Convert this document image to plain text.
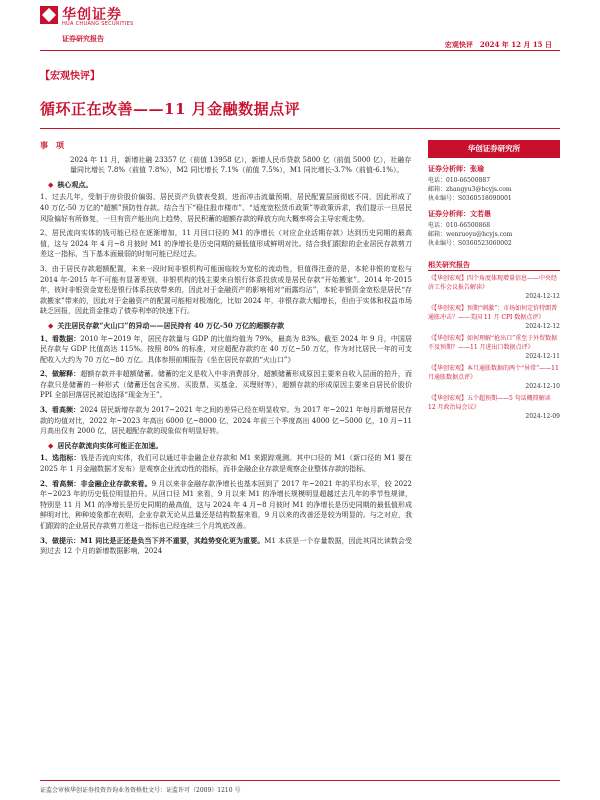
华创证券
HUA CHUANG SECURITIES
证券研究报告
宏观快评　2024 年 12 月 15 日
【宏观快评】
循环正在改善——11 月金融数据点评
事　项
2024 年 11 月，新增社融 23357 亿（前值 13958 亿），新增人民币贷款 5800 亿（前值 5000 亿），社融存量同比增长 7.8%（前值 7.8%），M2 同比增长 7.1%（前值 7.5%），M1 同比增长-3.7%（前值-6.1%）。
◆ 核心观点。
1、过去几年，受制于房价股价偏弱、居民资产负债表受损，进而冲击流量预期，居民配置层面彻底不同，因此形成了 40 万亿-50 万亿的“超额”预防性存款。结合当下“稳住股市楼市”、“适度宽松货币政策”等政策诉求，我们提示一旦居民风险偏好有所修复，一旦有资产能出向上趋势，居民积蓄的超额存款的释放方向大概率将会主导宏观走势。
2、居民流向实体的钱可能已经在逐渐增加，11 月回口径的 M1 的净增长（对应企业活期存款）达到历史同期的最高值，这与 2024 年 4 月~8 月披时 M1 的净增长是历史同期的最低值形成鲜明对比。结合我们跟踪的企业居民存款剪刀差这一指标，当下基本面最弱的时刻可能已经过去。
3、由于居民存款超额配置，未来一段时间非银机构可能面临较为宽松的流动性，但值得注意的是，本轮非银的宽松与 2014 年-2015 年不可能有显著差别，非银机构的钱主要来自银行体系投放或是居民存款“开始搬家”。2014 年-2015 年，彼时非银资金宽松是银行体系扶放带来的，因此对于金融资产的影响相对“雨露均沾”，本轮非银资金宽松是居民“存款搬家”带来的，因此对于金融资产的配置可能相对极端化，比如 2024 年，非银存款大幅增长，但由于实体和权益市场缺乏回报，因此资金推动了债券利率的快速下行。
◆ 关注居民存款“火山口”的异动——居民持有 40 万亿-50 万亿的超额存款
1、看数据：2010 年~2019 年，居民存款量与 GDP 的比值均值为 79%，最高为 83%。截至 2024 年 9 月，中国居民存款与 GDP 比值高达 115%。按照 80% 的标准，对应超配存款约在 40 万亿~50 万亿，作为对比居民一年的可支配收入大约为 70 万亿~80 万亿。具体参照前期报告《坐在居民存款的“火山口”》
2、做解释：超额存款并非超额储蓄。储蓄的定义是收入中非消费部分，超额储蓄形成原因主要来自收入层面的拍升，而存款只是储蓄的一种形式（储蓄还包含买房、买股票、买基金、买理财等），超额存款的形成原因主要来自居民价股价 PPI 全部回落居民被迫选择“现金为王”。
3、看高频：2024 居民新增存款为 2017~2021 年之间的差异已经在明显收窄。为 2017 年~2021 年每月新增居民存款的均值对比，2022 年~2023 年高出 6000 亿~8000 亿，2024 年前三个季度高出 4000 亿~5000 亿，10 月~11 月高出仅有 2000 亿，居民超配存款的现象似有明显好转。
◆ 居民存款流向实体可能正在加速。
1、选指标：钱是否流向实体，我们可以通过非金融企业存款和 M1 来跟踪观测。其中口径的 M1（新口径的 M1 要在 2025 年 1 月金融数据才发布）是观察企业流动性的指标，而非金融企业存款是观察企业整体存款的指标。
2、看高频：非金融企业存款来看。9 月以来非金融存款净增长也基本回到了 2017 年~2021 年的平均水平，较 2022 年~2023 年的历史低位明显拍升。从回口径 M1 来看，9 月以来 M1 的净增长规模明显超越过去几年的季节性规律，特别是 11 月 M1 的净增长是历史同期的最高值，这与 2024 年 4 月~8 月彼时 M1 的净增长是历史同期的最低值形成鲜明对比，种种迹象都在表明，企业存款无论从总量还是结构数据来看，9 月以来的改善还是较为明显的。与之对应，我们跟踪的企业居民存款剪刀差这一指标也已经连续三个月筑底改善。
3、做提示：M1 同比是正还是负当下并不重要，其趋势变化更为重要。M1 本质是一个存量数据，因此其同比读数会受到过去 12 个月的新增数据影响，2024
华创证券研究所
证券分析师：张瑜
电话：010-66500887
邮箱：zhangyu3@hcyjs.com
执业编号：S0360518090001
证券分析师：文若愚
电话：010-66500868
邮箱：wenruoyu@hcyjs.com
执业编号：S0360523060002
相关研究报告
《【华创宏观】四个角度体现增量信息——中央经济工作会议报告解读》
2024-12-12
《【华创宏观】预期“刺激”：市场如何定价特朗普通胀冲击？——美国 11 月 CPI 数据点评》
2024-12-12
《【华创宏观】如何理解“抢出口”重至于外贸数据不及预期？——11 月进出口数据点评》
2024-12-11
《【华创宏观】本月通胀数据的两个“异常”——11 月通胀数据点评》
2024-12-10
《【华创宏观】五个超预期——5 句话概简解读 12 月政治局会议》
2024-12-09
证监会审核华创证券投资咨询业务资格批文号：证监许可（2009）1210 号
